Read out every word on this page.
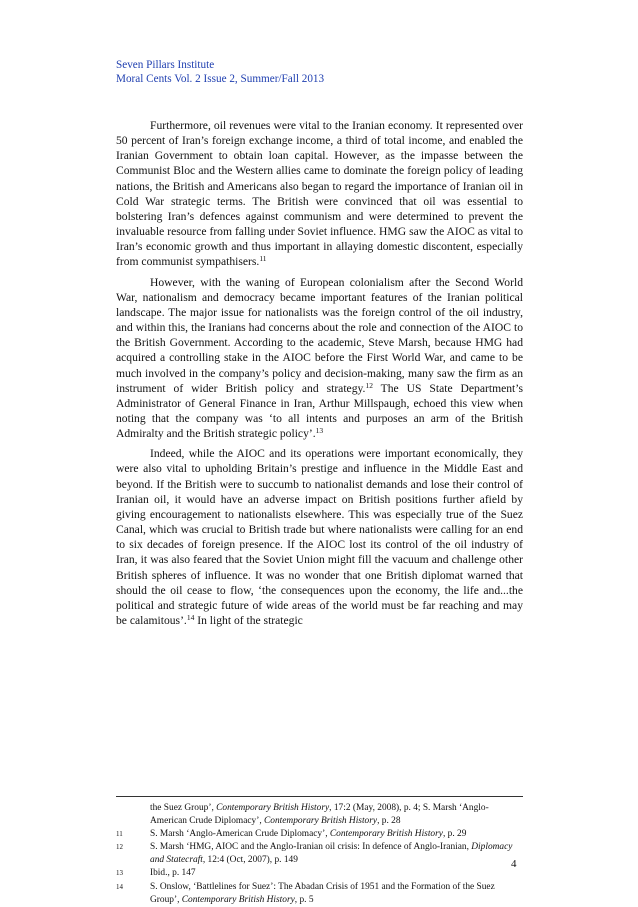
Seven Pillars Institute
Moral Cents Vol. 2 Issue 2, Summer/Fall 2013

Furthermore, oil revenues were vital to the Iranian economy. It represented over 50 percent of Iran’s foreign exchange income, a third of total income, and enabled the Iranian Government to obtain loan capital. However, as the impasse between the Communist Bloc and the Western allies came to dominate the foreign policy of leading nations, the British and Americans also began to regard the importance of Iranian oil in Cold War strategic terms. The British were convinced that oil was essential to bolstering Iran’s defences against communism and were determined to prevent the invaluable resource from falling under Soviet influence. HMG saw the AIOC as vital to Iran’s economic growth and thus important in allaying domestic discontent, especially from communist sympathisers.$^{11}$

However, with the waning of European colonialism after the Second World War, nationalism and democracy became important features of the Iranian political landscape. The major issue for nationalists was the foreign control of the oil industry, and within this, the Iranians had concerns about the role and connection of the AIOC to the British Government. According to the academic, Steve Marsh, because HMG had acquired a controlling stake in the AIOC before the First World War, and came to be much involved in the company’s policy and decision-making, many saw the firm as an instrument of wider British policy and strategy.$^{12}$ The US State Department’s Administrator of General Finance in Iran, Arthur Millspaugh, echoed this view when noting that the company was ‘to all intents and purposes an arm of the British Admiralty and the British strategic policy’.$^{13}$

Indeed, while the AIOC and its operations were important economically, they were also vital to upholding Britain’s prestige and influence in the Middle East and beyond. If the British were to succumb to nationalist demands and lose their control of Iranian oil, it would have an adverse impact on British positions further afield by giving encouragement to nationalists elsewhere. This was especially true of the Suez Canal, which was crucial to British trade but where nationalists were calling for an end to six decades of foreign presence. If the AIOC lost its control of the oil industry of Iran, it was also feared that the Soviet Union might fill the vacuum and challenge other British spheres of influence. It was no wonder that one British diplomat warned that should the oil cease to flow, ‘the consequences upon the economy, the life and...the political and strategic future of wide areas of the world must be far reaching and may be calamitous’.$^{14}$ In light of the strategic

the Suez Group’, Contemporary British History, 17:2 (May, 2008), p. 4; S. Marsh ‘Anglo-American Crude Diplomacy’, Contemporary British History, p. 28
11	S. Marsh ‘Anglo-American Crude Diplomacy’, Contemporary British History, p. 29
12	S. Marsh ‘HMG, AIOC and the Anglo-Iranian oil crisis: In defence of Anglo-Iranian, Diplomacy and Statecraft, 12:4 (Oct, 2007), p. 149
13	Ibid., p. 147
14	S. Onslow, ‘Battlelines for Suez’: The Abadan Crisis of 1951 and the Formation of the Suez Group’, Contemporary British History, p. 5
4
